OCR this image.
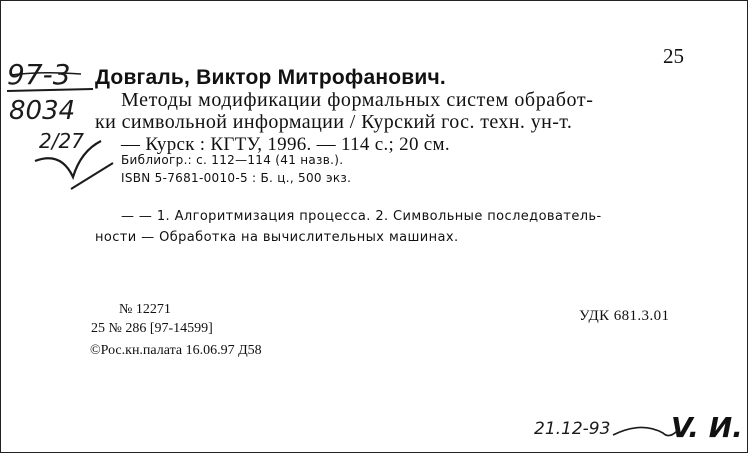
25
Довгаль, Виктор Митрофанович.
Методы модификации формальных систем обработ-
ки символьной информации / Курский гос. техн. ун-т.
— Курск : КГТУ, 1996. — 114 с.; 20 см.
Библиогр.: с. 112—114 (41 назв.).
ISBN 5-7681-0010-5 : Б. ц., 500 экз.
— — 1. Алгоритмизация процесса. 2. Символьные последователь-
ности — Обработка на вычислительных машинах.
№ 12271
25 № 286 [97-14599]
©Рос.кн.палата 16.06.97 Д58
УДК 681.3.01
97-3
8034
2/27
21.12-93 V. И.
